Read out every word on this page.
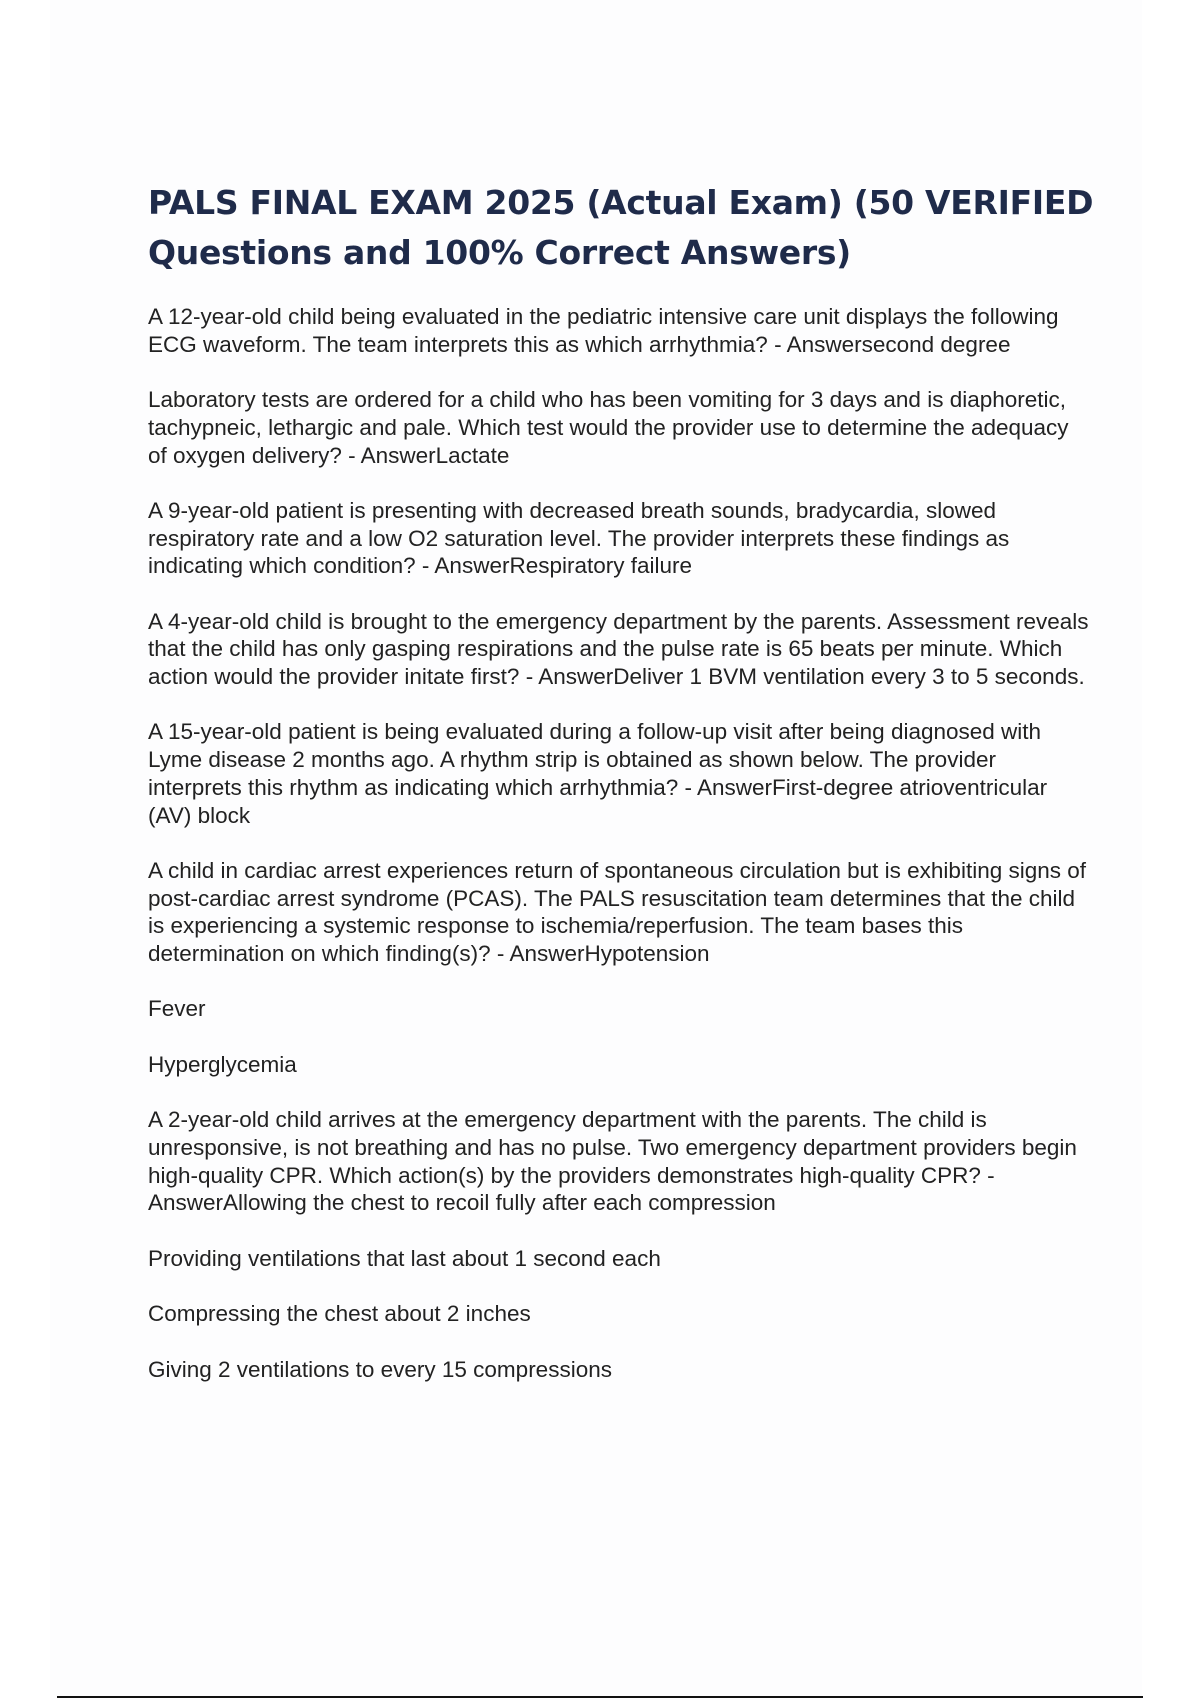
PALS FINAL EXAM 2025 (Actual Exam) (50 VERIFIED Questions and 100% Correct Answers)

A 12-year-old child being evaluated in the pediatric intensive care unit displays the following ECG waveform. The team interprets this as which arrhythmia? - Answersecond degree

Laboratory tests are ordered for a child who has been vomiting for 3 days and is diaphoretic, tachypneic, lethargic and pale. Which test would the provider use to determine the adequacy of oxygen delivery? - AnswerLactate

A 9-year-old patient is presenting with decreased breath sounds, bradycardia, slowed respiratory rate and a low O2 saturation level. The provider interprets these findings as indicating which condition? - AnswerRespiratory failure

A 4-year-old child is brought to the emergency department by the parents. Assessment reveals that the child has only gasping respirations and the pulse rate is 65 beats per minute. Which action would the provider initate first? - AnswerDeliver 1 BVM ventilation every 3 to 5 seconds.

A 15-year-old patient is being evaluated during a follow-up visit after being diagnosed with Lyme disease 2 months ago. A rhythm strip is obtained as shown below. The provider interprets this rhythm as indicating which arrhythmia? - AnswerFirst-degree atrioventricular (AV) block

A child in cardiac arrest experiences return of spontaneous circulation but is exhibiting signs of post-cardiac arrest syndrome (PCAS). The PALS resuscitation team determines that the child is experiencing a systemic response to ischemia/reperfusion. The team bases this determination on which finding(s)? - AnswerHypotension

Fever

Hyperglycemia

A 2-year-old child arrives at the emergency department with the parents. The child is unresponsive, is not breathing and has no pulse. Two emergency department providers begin high-quality CPR. Which action(s) by the providers demonstrates high-quality CPR? - AnswerAllowing the chest to recoil fully after each compression

Providing ventilations that last about 1 second each

Compressing the chest about 2 inches

Giving 2 ventilations to every 15 compressions
